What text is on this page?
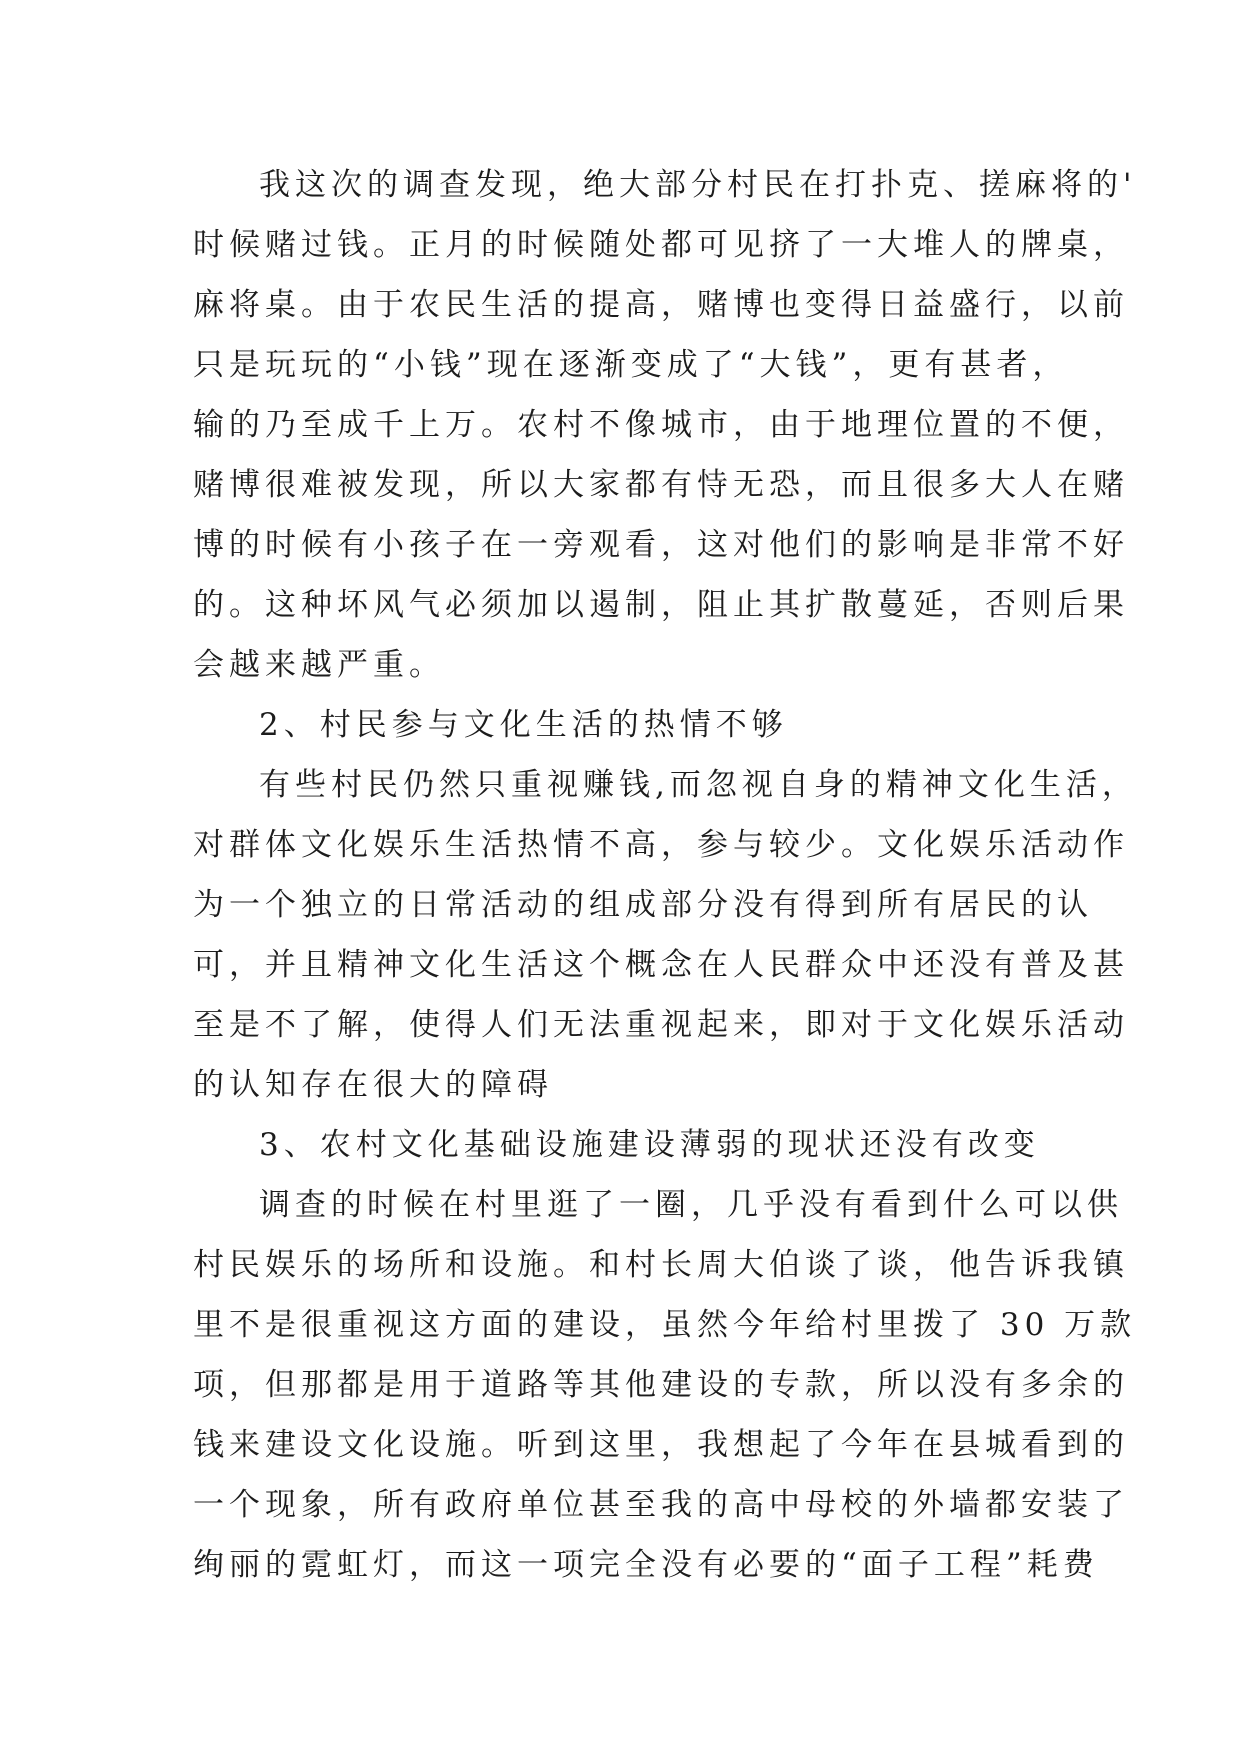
我这次的调查发现，绝大部分村民在打扑克、搓麻将的'
时候赌过钱。正月的时候随处都可见挤了一大堆人的牌桌，
麻将桌。由于农民生活的提高，赌博也变得日益盛行，以前
只是玩玩的“小钱”现在逐渐变成了“大钱”，更有甚者，
输的乃至成千上万。农村不像城市，由于地理位置的不便，
赌博很难被发现，所以大家都有恃无恐，而且很多大人在赌
博的时候有小孩子在一旁观看，这对他们的影响是非常不好
的。这种坏风气必须加以遏制，阻止其扩散蔓延，否则后果
会越来越严重。
2、村民参与文化生活的热情不够
有些村民仍然只重视赚钱,而忽视自身的精神文化生活，
对群体文化娱乐生活热情不高，参与较少。文化娱乐活动作
为一个独立的日常活动的组成部分没有得到所有居民的认
可，并且精神文化生活这个概念在人民群众中还没有普及甚
至是不了解，使得人们无法重视起来，即对于文化娱乐活动
的认知存在很大的障碍
3、农村文化基础设施建设薄弱的现状还没有改变
调查的时候在村里逛了一圈，几乎没有看到什么可以供
村民娱乐的场所和设施。和村长周大伯谈了谈，他告诉我镇
里不是很重视这方面的建设，虽然今年给村里拨了 30 万款
项，但那都是用于道路等其他建设的专款，所以没有多余的
钱来建设文化设施。听到这里，我想起了今年在县城看到的
一个现象，所有政府单位甚至我的高中母校的外墙都安装了
绚丽的霓虹灯，而这一项完全没有必要的“面子工程”耗费
